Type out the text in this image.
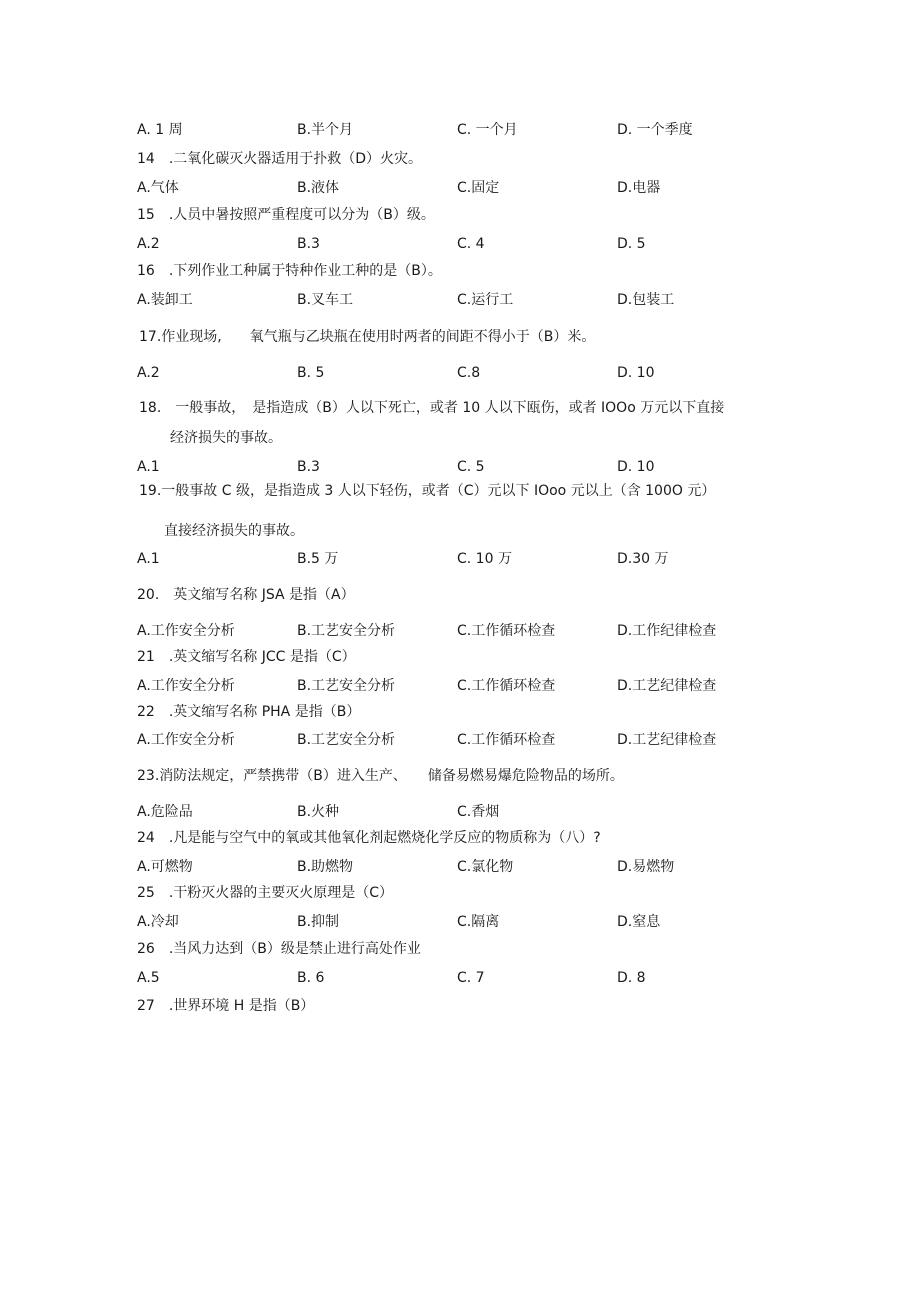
A. 1 周	B.半个月	C. 一个月	D. 一个季度

14　.二氧化碳灭火器适用于扑救（D）火灾。

A.气体	B.液体	C.固定	D.电器

15　.人员中暑按照严重程度可以分为（B）级。

A.2	B.3	C. 4	D. 5

16　.下列作业工种属于特种作业工种的是（B）。

A.装卸工	B.叉车工	C.运行工	D.包装工

17.作业现场,　　氧气瓶与乙块瓶在使用时两者的间距不得小于（B）米。

A.2	B. 5	C.8	D. 10

18.　一般事故，　是指造成（B）人以下死亡，或者 10 人以下瓯伤，或者 IOOo 万元以下直接

经济损失的事故。

A.1	B.3	C. 5	D. 10

19.一般事故 C 级，是指造成 3 人以下轻伤，或者（C）元以下 IOoo 元以上（含 100O 元）

直接经济损失的事故。

A.1	B.5 万	C. 10 万	D.30 万

20.　英文缩写名称 JSA 是指（A）

A.工作安全分析	B.工艺安全分析	C.工作循环检查	D.工作纪律检查

21　.英文缩写名称 JCC 是指（C）

A.工作安全分析	B.工艺安全分析	C.工作循环检查	D.工艺纪律检查

22　.英文缩写名称 PHA 是指（B）

A.工作安全分析	B.工艺安全分析	C.工作循环检查	D.工艺纪律检查

23.消防法规定，严禁携带（B）进入生产、　　储备易燃易爆危险物品的场所。

A.危险品	B.火种	C.香烟

24　.凡是能与空气中的氧或其他氧化剂起燃烧化学反应的物质称为（八）?

A.可燃物	B.助燃物	C.氯化物	D.易燃物

25　.干粉灭火器的主要灭火原理是（C）

A.冷却	B.抑制	C.隔离	D.窒息

26　.当风力达到（B）级是禁止进行高处作业

A.5	B. 6	C. 7	D. 8

27　.世界环境 H 是指（B）
